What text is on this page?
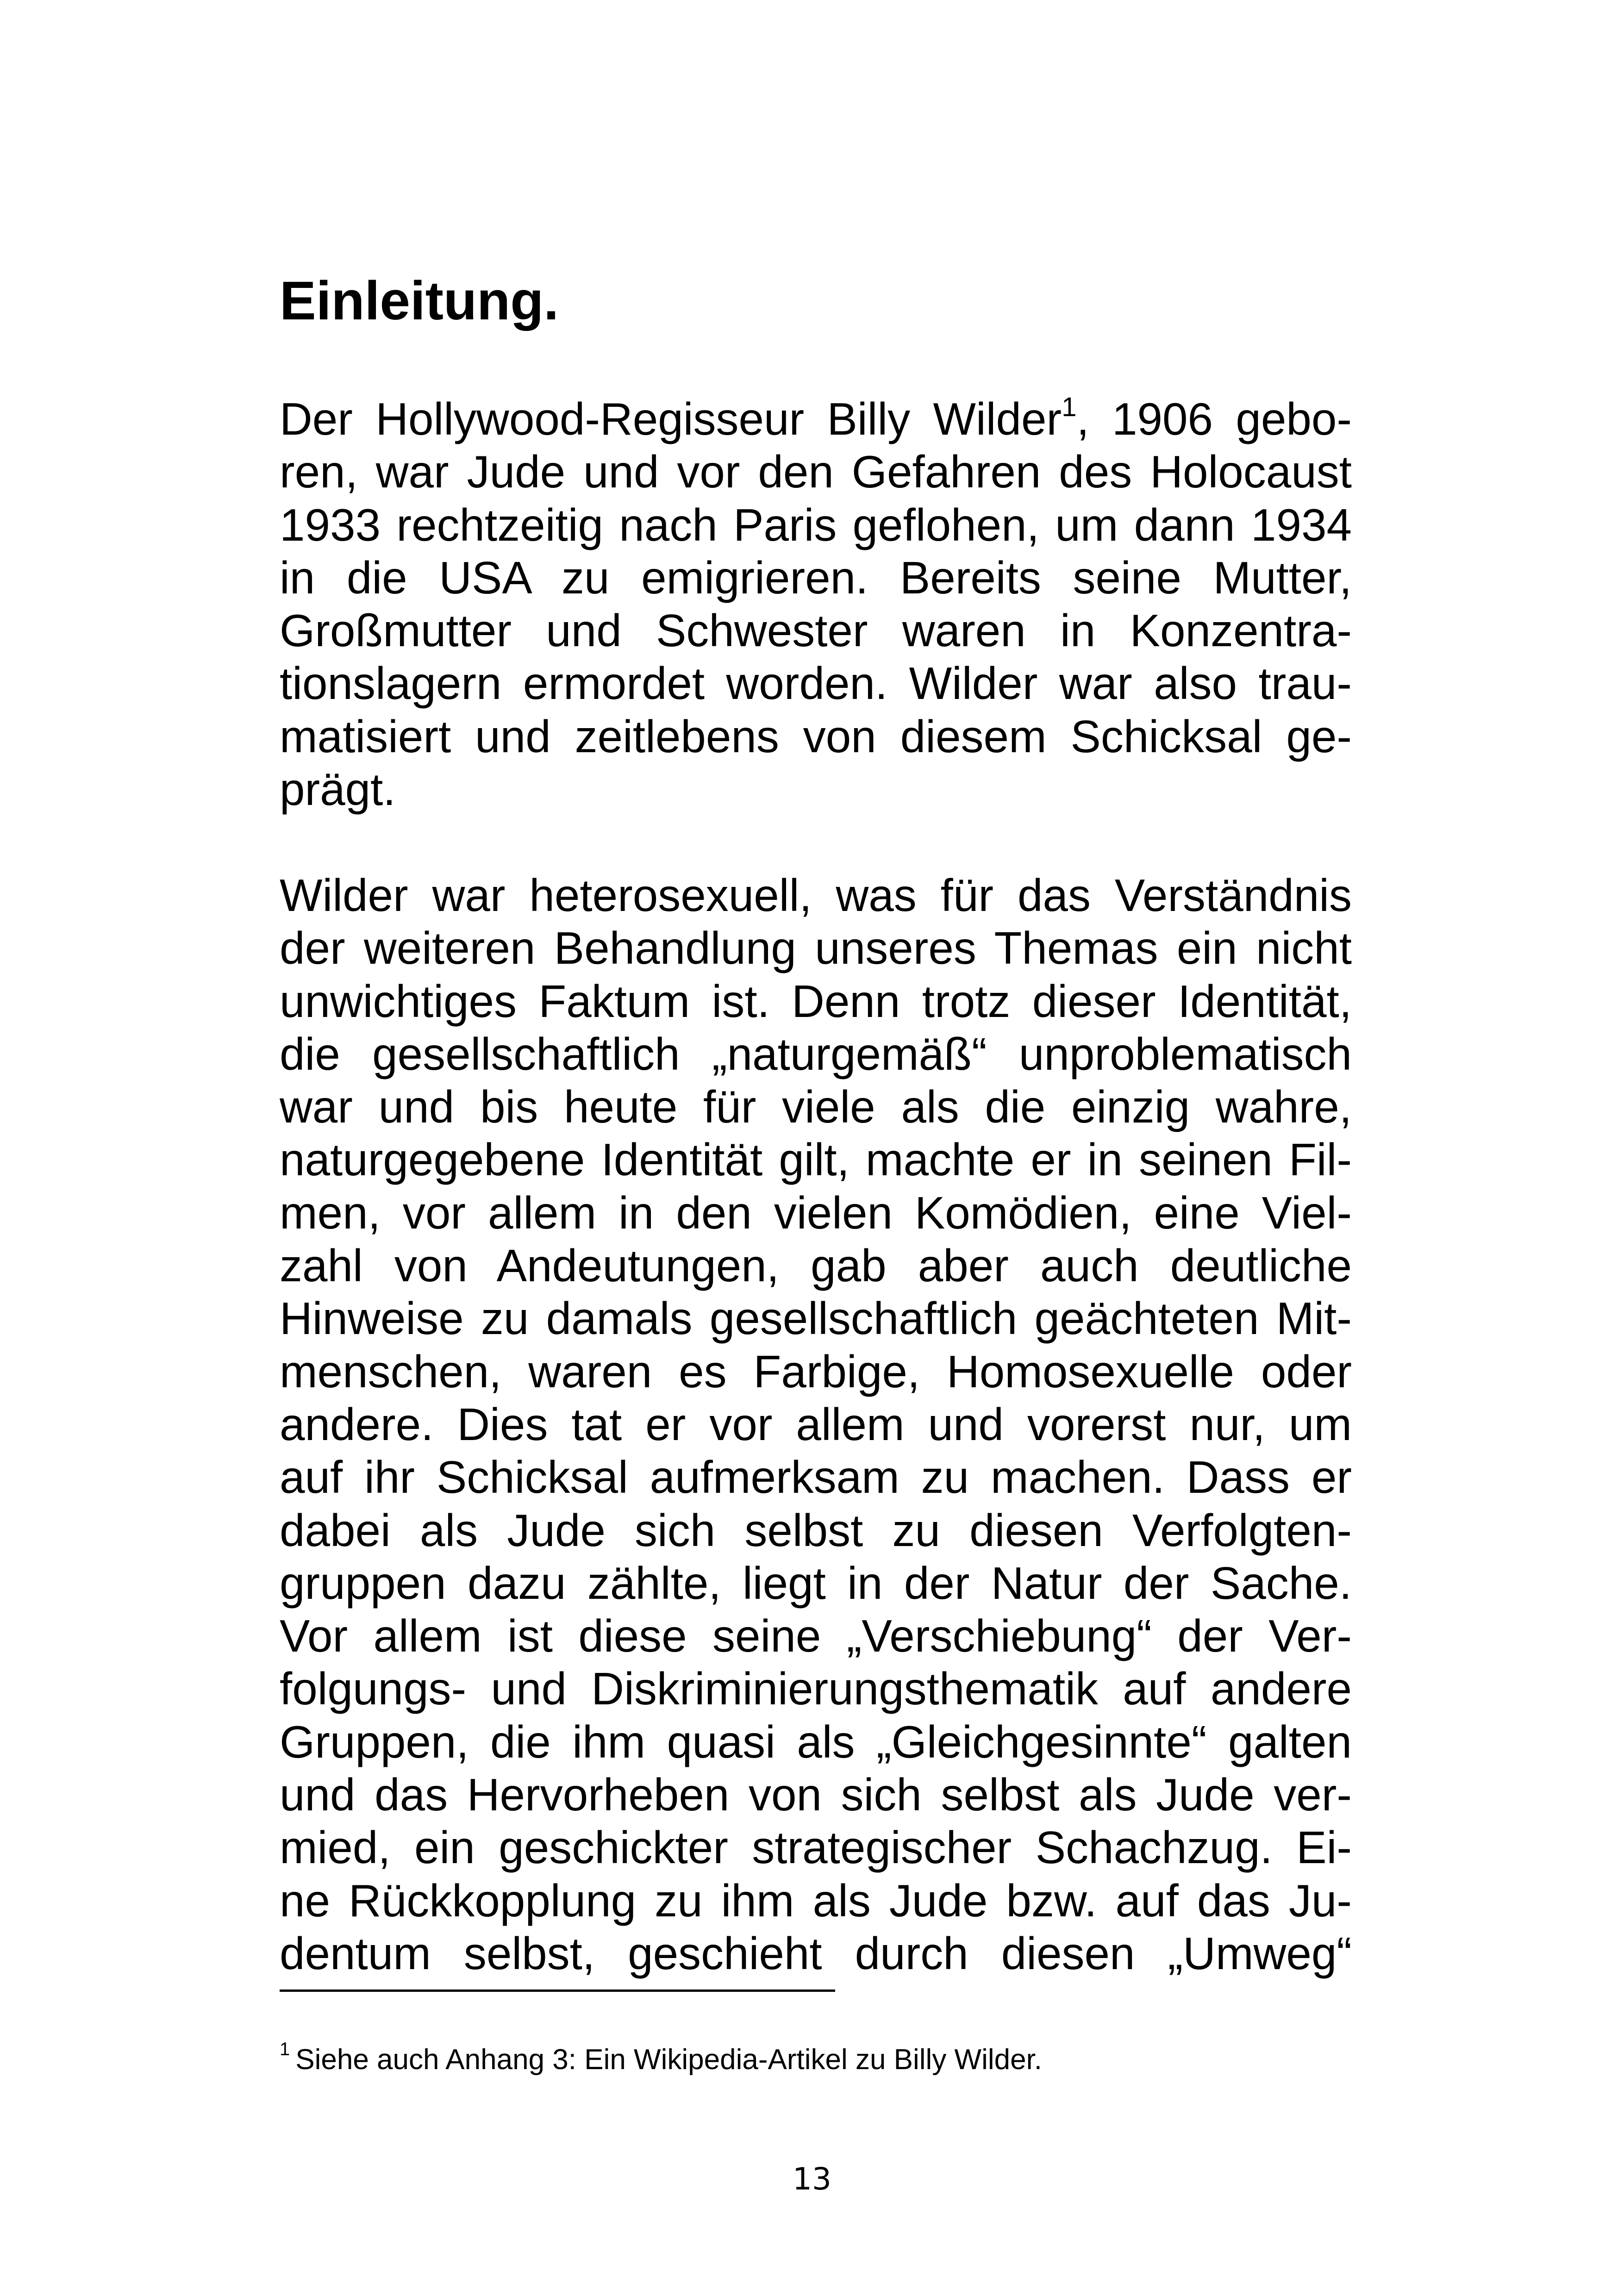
Einleitung.
Der Hollywood-Regisseur Billy Wilder$^1$, 1906 gebo-
ren, war Jude und vor den Gefahren des Holocaust
1933 rechtzeitig nach Paris geflohen, um dann 1934
in die USA zu emigrieren. Bereits seine Mutter,
Großmutter und Schwester waren in Konzentra-
tionslagern ermordet worden. Wilder war also trau-
matisiert und zeitlebens von diesem Schicksal ge-
prägt.
Wilder war heterosexuell, was für das Verständnis
der weiteren Behandlung unseres Themas ein nicht
unwichtiges Faktum ist. Denn trotz dieser Identität,
die gesellschaftlich „naturgemäß“ unproblematisch
war und bis heute für viele als die einzig wahre,
naturgegebene Identität gilt, machte er in seinen Fil-
men, vor allem in den vielen Komödien, eine Viel-
zahl von Andeutungen, gab aber auch deutliche
Hinweise zu damals gesellschaftlich geächteten Mit-
menschen, waren es Farbige, Homosexuelle oder
andere. Dies tat er vor allem und vorerst nur, um
auf ihr Schicksal aufmerksam zu machen. Dass er
dabei als Jude sich selbst zu diesen Verfolgten-
gruppen dazu zählte, liegt in der Natur der Sache.
Vor allem ist diese seine „Verschiebung“ der Ver-
folgungs- und Diskriminierungsthematik auf andere
Gruppen, die ihm quasi als „Gleichgesinnte“ galten
und das Hervorheben von sich selbst als Jude ver-
mied, ein geschickter strategischer Schachzug. Ei-
ne Rückkopplung zu ihm als Jude bzw. auf das Ju-
dentum selbst, geschieht durch diesen „Umweg“
$^1$ Siehe auch Anhang 3: Ein Wikipedia-Artikel zu Billy Wilder.
13
